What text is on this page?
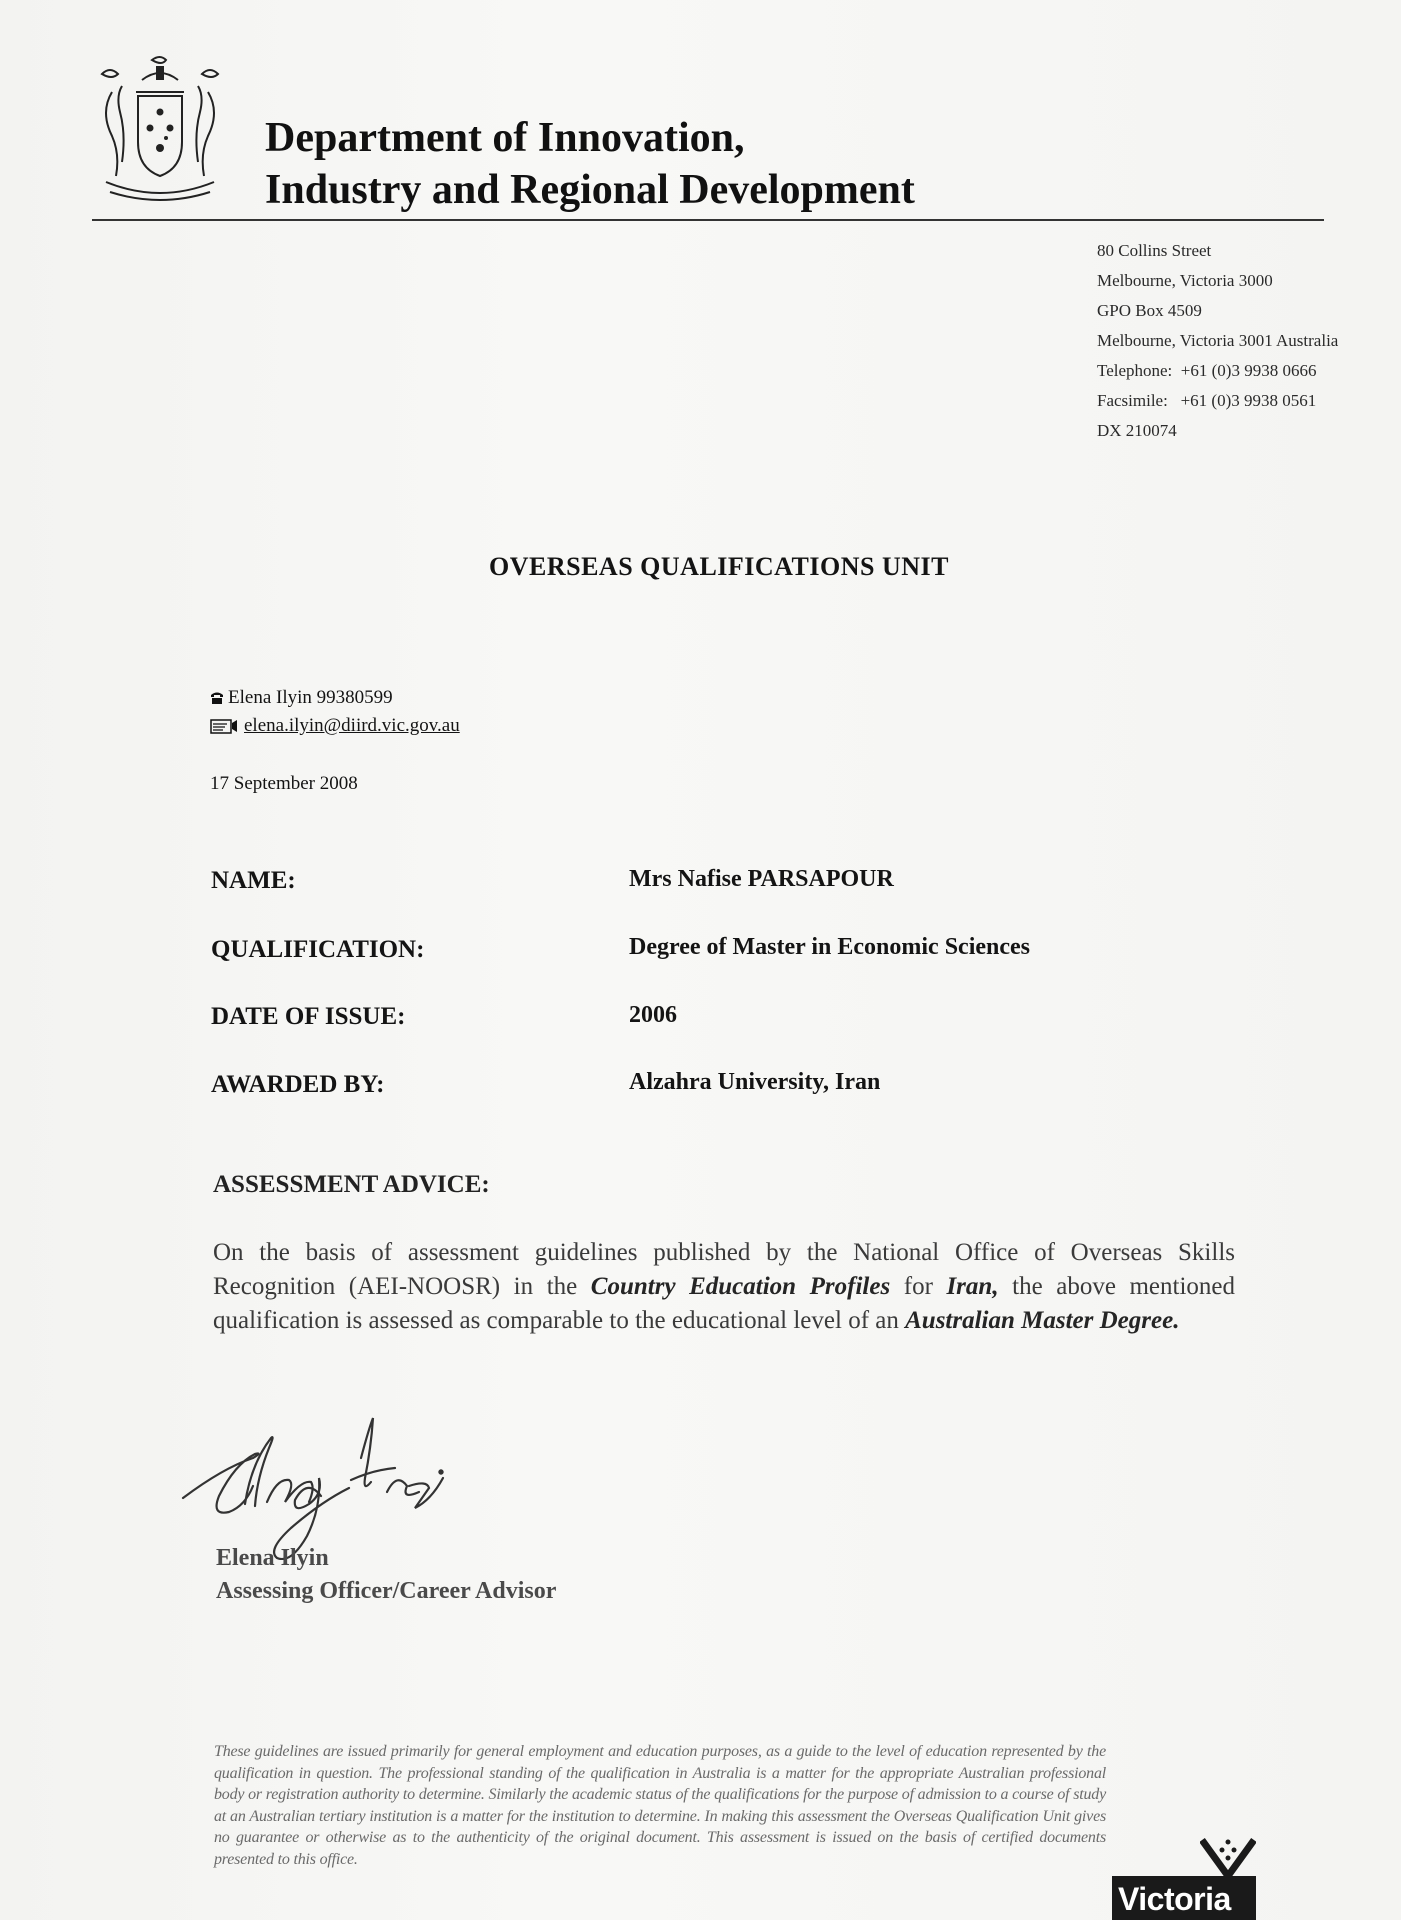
Department of Innovation,
Industry and Regional Development
80 Collins Street
Melbourne, Victoria 3000
GPO Box 4509
Melbourne, Victoria 3001 Australia
Telephone:  +61 (0)3 9938 0666
Facsimile:   +61 (0)3 9938 0561
DX 210074
OVERSEAS QUALIFICATIONS UNIT
Elena Ilyin 99380599
elena.ilyin@diird.vic.gov.au
17 September 2008
NAME:	Mrs Nafise PARSAPOUR
QUALIFICATION:	Degree of Master in Economic Sciences
DATE OF ISSUE:	2006
AWARDED BY:	Alzahra University, Iran
ASSESSMENT ADVICE:
On the basis of assessment guidelines published by the National Office of Overseas Skills Recognition (AEI-NOOSR) in the Country Education Profiles for Iran, the above mentioned qualification is assessed as comparable to the educational level of an Australian Master Degree.
Elena Ilyin
Assessing Officer/Career Advisor
These guidelines are issued primarily for general employment and education purposes, as a guide to the level of education represented by the qualification in question. The professional standing of the qualification in Australia is a matter for the appropriate Australian professional body or registration authority to determine. Similarly the academic status of the qualifications for the purpose of admission to a course of study at an Australian tertiary institution is a matter for the institution to determine. In making this assessment the Overseas Qualification Unit gives no guarantee or otherwise as to the authenticity of the original document. This assessment is issued on the basis of certified documents presented to this office.
Victoria
